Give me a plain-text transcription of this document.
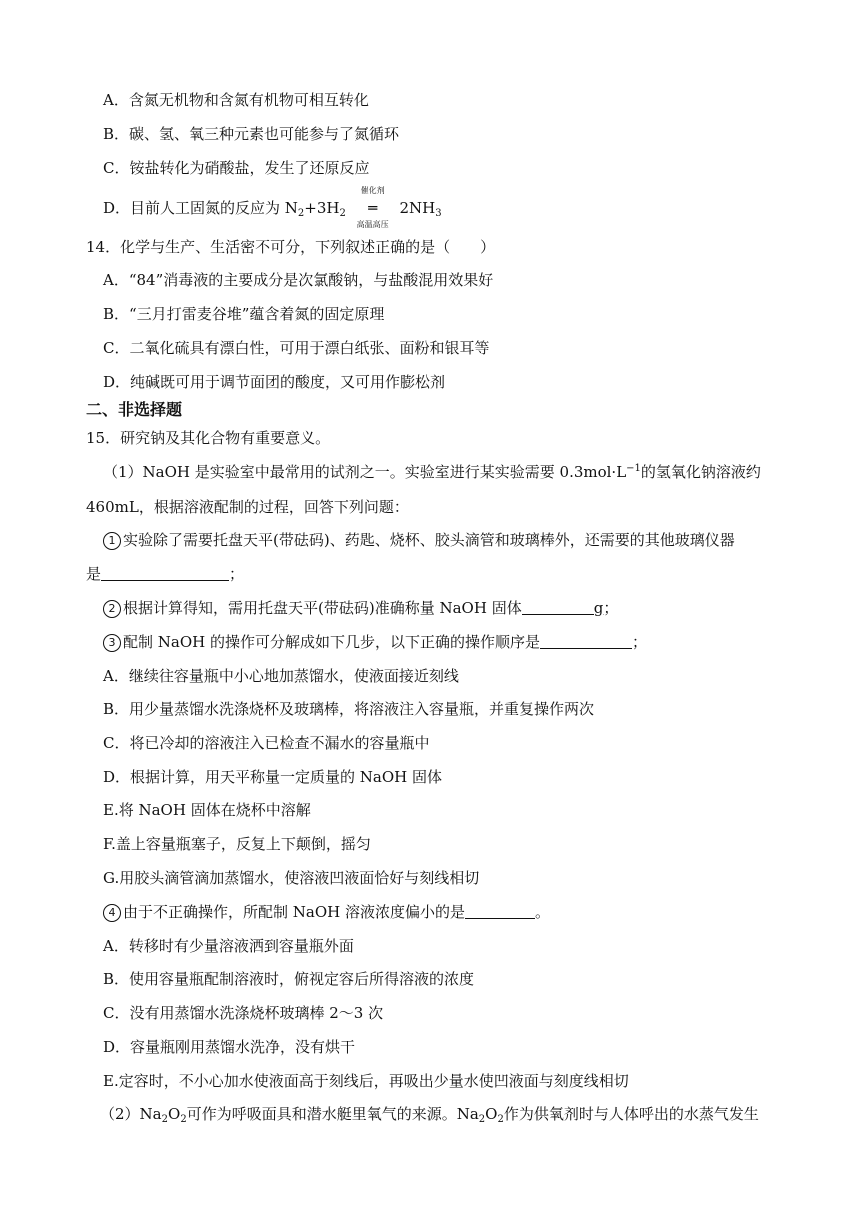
A．含氮无机物和含氮有机物可相互转化
B．碳、氢、氧三种元素也可能参与了氮循环
C．铵盐转化为硝酸盐，发生了还原反应
D．目前人工固氮的反应为 $N_2+3H_2$
催化剂
═
高温高压
$2NH_3$
14．化学与生产、生活密不可分，下列叙述正确的是（　　）
A．“84”消毒液的主要成分是次氯酸钠，与盐酸混用效果好
B．“三月打雷麦谷堆”蕴含着氮的固定原理
C．二氧化硫具有漂白性，可用于漂白纸张、面粉和银耳等
D．纯碱既可用于调节面团的酸度，又可用作膨松剂
二、非选择题
15．研究钠及其化合物有重要意义。
（1）NaOH 是实验室中最常用的试剂之一。实验室进行某实验需要 $0.3mol\cdot L^{-1}$的氢氧化钠溶液约
460mL，根据溶液配制的过程，回答下列问题：
1 实验除了需要托盘天平(带砝码)、药匙、烧杯、胶头滴管和玻璃棒外，还需要的其他玻璃仪器
是	；
2 根据计算得知，需用托盘天平(带砝码)准确称量 NaOH 固体	g；
3 配制 NaOH 的操作可分解成如下几步，以下正确的操作顺序是	；
A．继续往容量瓶中小心地加蒸馏水，使液面接近刻线
B．用少量蒸馏水洗涤烧杯及玻璃棒，将溶液注入容量瓶，并重复操作两次
C．将已冷却的溶液注入已检查不漏水的容量瓶中
D．根据计算，用天平称量一定质量的 NaOH 固体
E.将 NaOH 固体在烧杯中溶解
F.盖上容量瓶塞子，反复上下颠倒，摇匀
G.用胶头滴管滴加蒸馏水，使溶液凹液面恰好与刻线相切
4 由于不正确操作，所配制 NaOH 溶液浓度偏小的是	。
A．转移时有少量溶液洒到容量瓶外面
B．使用容量瓶配制溶液时，俯视定容后所得溶液的浓度
C．没有用蒸馏水洗涤烧杯玻璃棒 2～3 次
D．容量瓶刚用蒸馏水洗净，没有烘干
E.定容时，不小心加水使液面高于刻线后，再吸出少量水使凹液面与刻度线相切
$(2)Na_2O_2$可作为呼吸面具和潜水艇里氧气的来源。$Na_2O_2$作为供氧剂时与人体呼出的水蒸气发生
